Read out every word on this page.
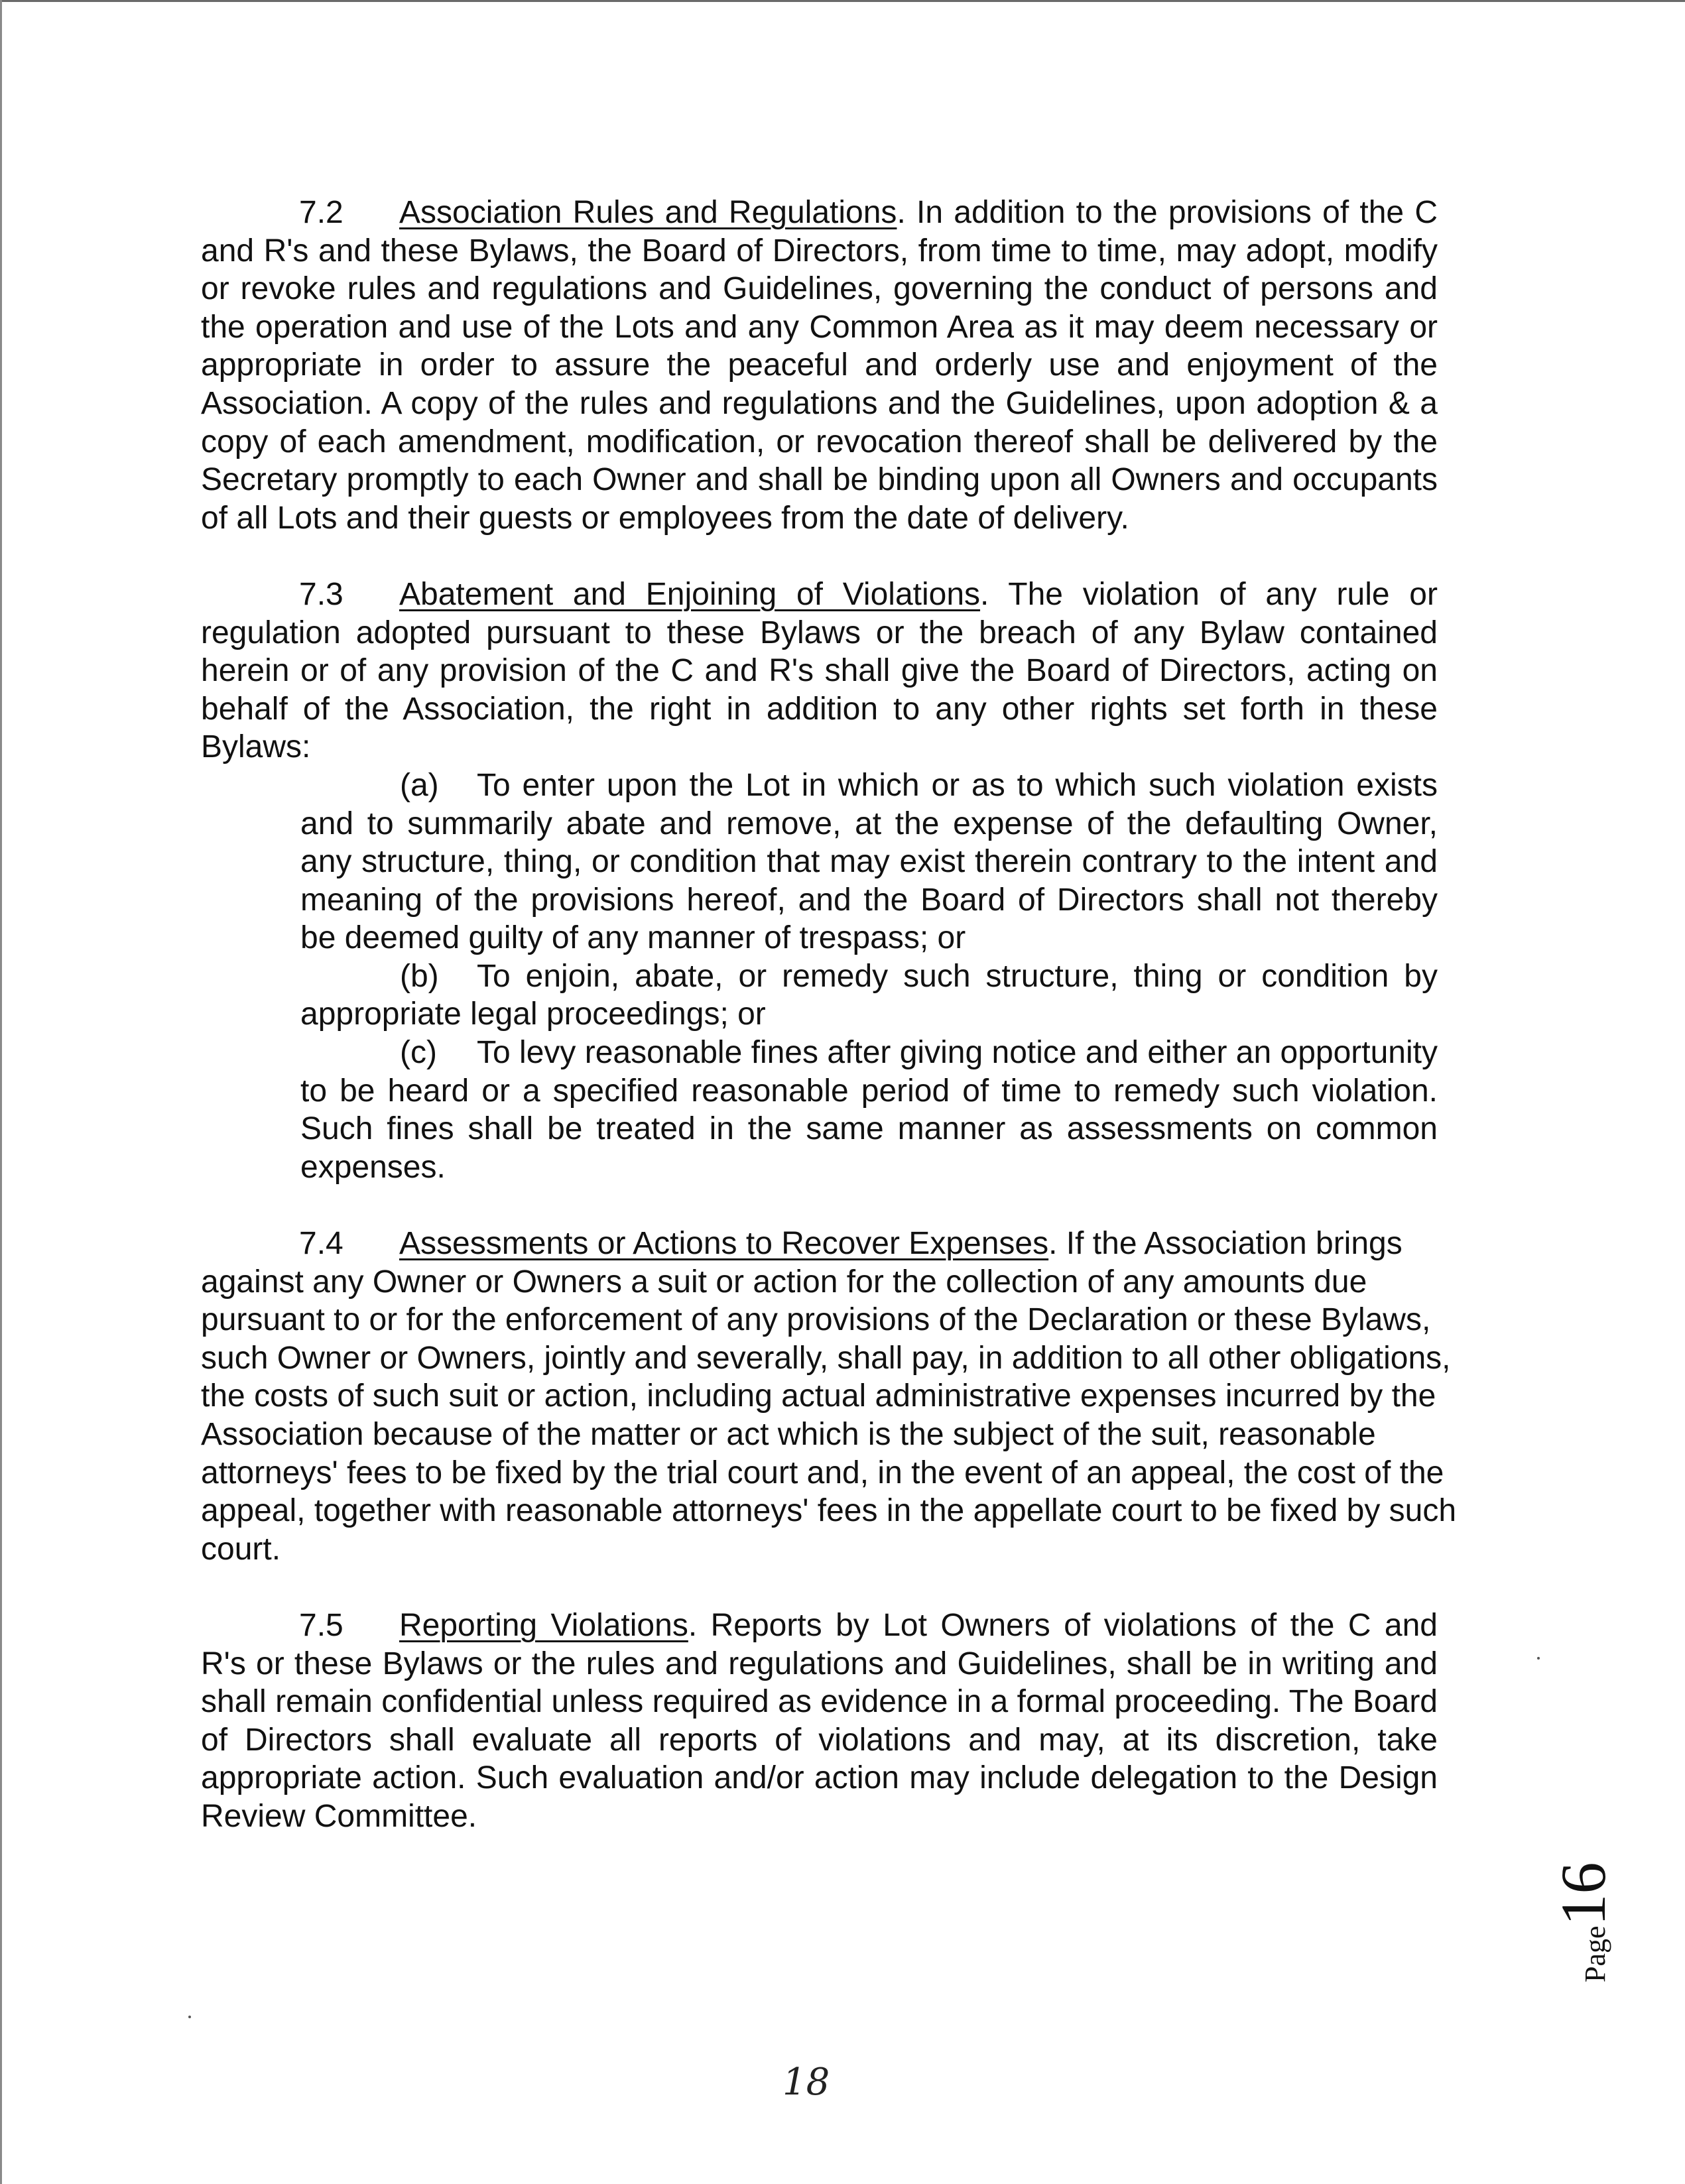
7.2 Association Rules and Regulations. In addition to the provisions of the C and R's and these Bylaws, the Board of Directors, from time to time, may adopt, modify or revoke rules and regulations and Guidelines, governing the conduct of persons and the operation and use of the Lots and any Common Area as it may deem necessary or appropriate in order to assure the peaceful and orderly use and enjoyment of the Association. A copy of the rules and regulations and the Guidelines, upon adoption & a copy of each amendment, modification, or revocation thereof shall be delivered by the Secretary promptly to each Owner and shall be binding upon all Owners and occupants of all Lots and their guests or employees from the date of delivery.

7.3 Abatement and Enjoining of Violations. The violation of any rule or regulation adopted pursuant to these Bylaws or the breach of any Bylaw contained herein or of any provision of the C and R's shall give the Board of Directors, acting on behalf of the Association, the right in addition to any other rights set forth in these Bylaws:

(a) To enter upon the Lot in which or as to which such violation exists and to summarily abate and remove, at the expense of the defaulting Owner, any structure, thing, or condition that may exist therein contrary to the intent and meaning of the provisions hereof, and the Board of Directors shall not thereby be deemed guilty of any manner of trespass; or

(b) To enjoin, abate, or remedy such structure, thing or condition by appropriate legal proceedings; or

(c) To levy reasonable fines after giving notice and either an opportunity to be heard or a specified reasonable period of time to remedy such violation. Such fines shall be treated in the same manner as assessments on common expenses.

7.4 Assessments or Actions to Recover Expenses. If the Association brings against any Owner or Owners a suit or action for the collection of any amounts due pursuant to or for the enforcement of any provisions of the Declaration or these Bylaws, such Owner or Owners, jointly and severally, shall pay, in addition to all other obligations, the costs of such suit or action, including actual administrative expenses incurred by the Association because of the matter or act which is the subject of the suit, reasonable attorneys' fees to be fixed by the trial court and, in the event of an appeal, the cost of the appeal, together with reasonable attorneys' fees in the appellate court to be fixed by such court.

7.5 Reporting Violations. Reports by Lot Owners of violations of the C and R's or these Bylaws or the rules and regulations and Guidelines, shall be in writing and shall remain confidential unless required as evidence in a formal proceeding. The Board of Directors shall evaluate all reports of violations and may, at its discretion, take appropriate action. Such evaluation and/or action may include delegation to the Design Review Committee.

Page16
18
